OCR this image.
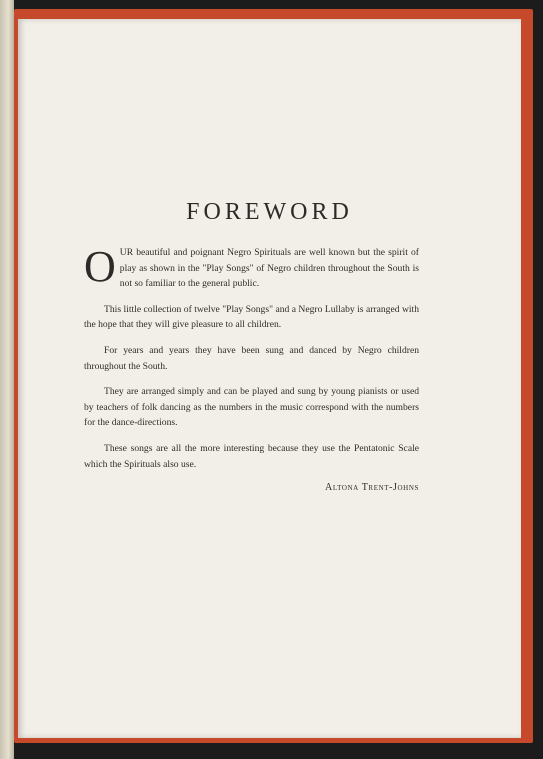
FOREWORD

OUR beautiful and poignant Negro Spirituals are well known but the spirit of play as shown in the "Play Songs" of Negro children throughout the South is not so familiar to the general public.

This little collection of twelve "Play Songs" and a Negro Lullaby is arranged with the hope that they will give pleasure to all children.

For years and years they have been sung and danced by Negro children throughout the South.

They are arranged simply and can be played and sung by young pianists or used by teachers of folk dancing as the numbers in the music correspond with the numbers for the dance-directions.

These songs are all the more interesting because they use the Pentatonic Scale which the Spirituals also use.

Altona Trent-Johns
